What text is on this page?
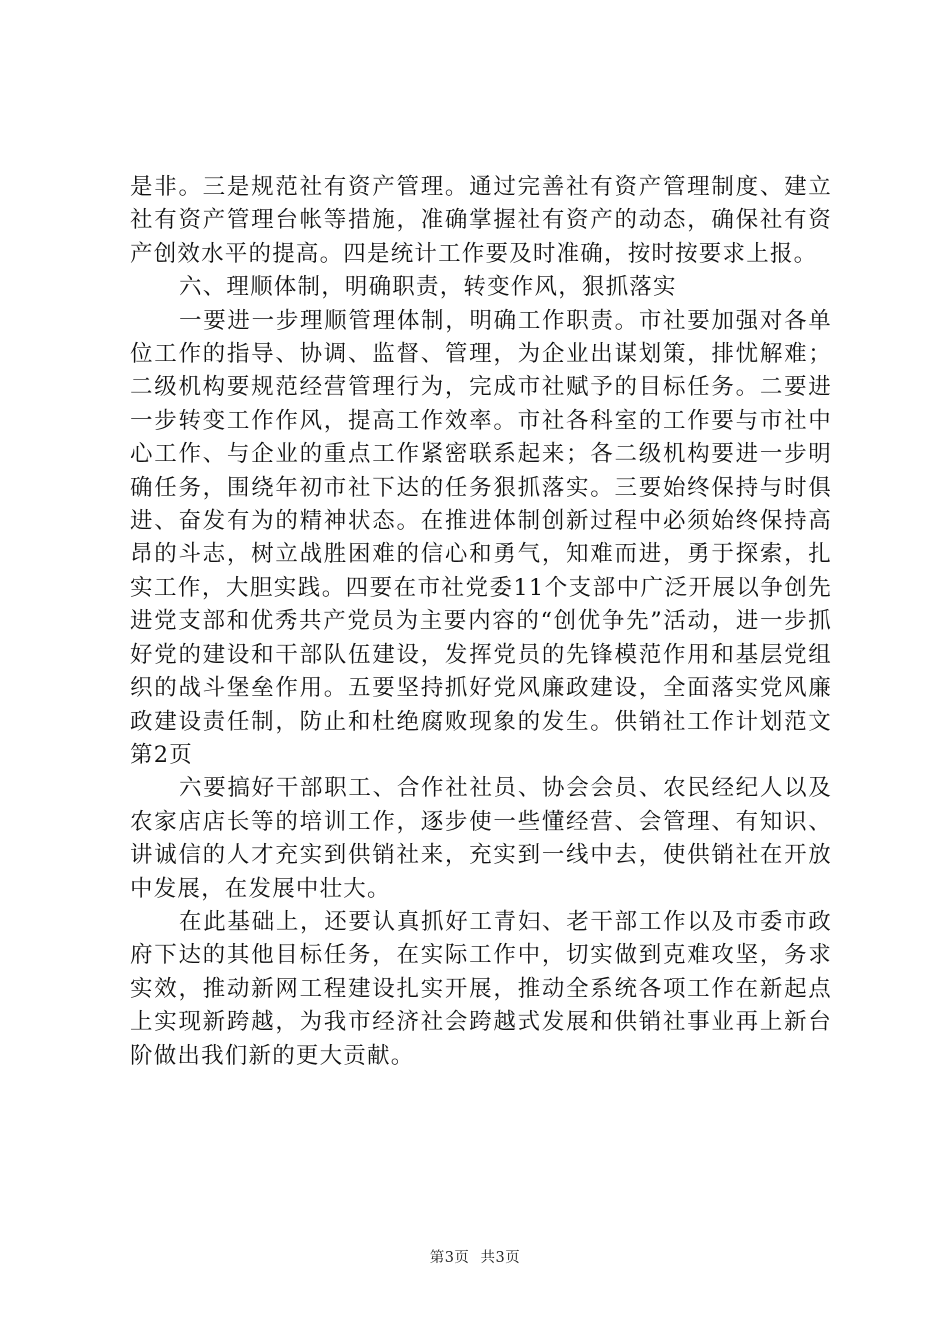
是非。三是规范社有资产管理。通过完善社有资产管理制度、建立社有资产管理台帐等措施，准确掌握社有资产的动态，确保社有资产创效水平的提高。四是统计工作要及时准确，按时按要求上报。

六、理顺体制，明确职责，转变作风，狠抓落实

一要进一步理顺管理体制，明确工作职责。市社要加强对各单位工作的指导、协调、监督、管理，为企业出谋划策，排忧解难；二级机构要规范经营管理行为，完成市社赋予的目标任务。二要进一步转变工作作风，提高工作效率。市社各科室的工作要与市社中心工作、与企业的重点工作紧密联系起来；各二级机构要进一步明确任务，围绕年初市社下达的任务狠抓落实。三要始终保持与时俱进、奋发有为的精神状态。在推进体制创新过程中必须始终保持高昂的斗志，树立战胜困难的信心和勇气，知难而进，勇于探索，扎实工作，大胆实践。四要在市社党委11个支部中广泛开展以争创先进党支部和优秀共产党员为主要内容的“创优争先”活动，进一步抓好党的建设和干部队伍建设，发挥党员的先锋模范作用和基层党组织的战斗堡垒作用。五要坚持抓好党风廉政建设，全面落实党风廉政建设责任制，防止和杜绝腐败现象的发生。供销社工作计划范文第2页

六要搞好干部职工、合作社社员、协会会员、农民经纪人以及农家店店长等的培训工作，逐步使一些懂经营、会管理、有知识、讲诚信的人才充实到供销社来，充实到一线中去，使供销社在开放中发展，在发展中壮大。

在此基础上，还要认真抓好工青妇、老干部工作以及市委市政府下达的其他目标任务，在实际工作中，切实做到克难攻坚，务求实效，推动新网工程建设扎实开展，推动全系统各项工作在新起点上实现新跨越，为我市经济社会跨越式发展和供销社事业再上新台阶做出我们新的更大贡献。

第3页 共3页
